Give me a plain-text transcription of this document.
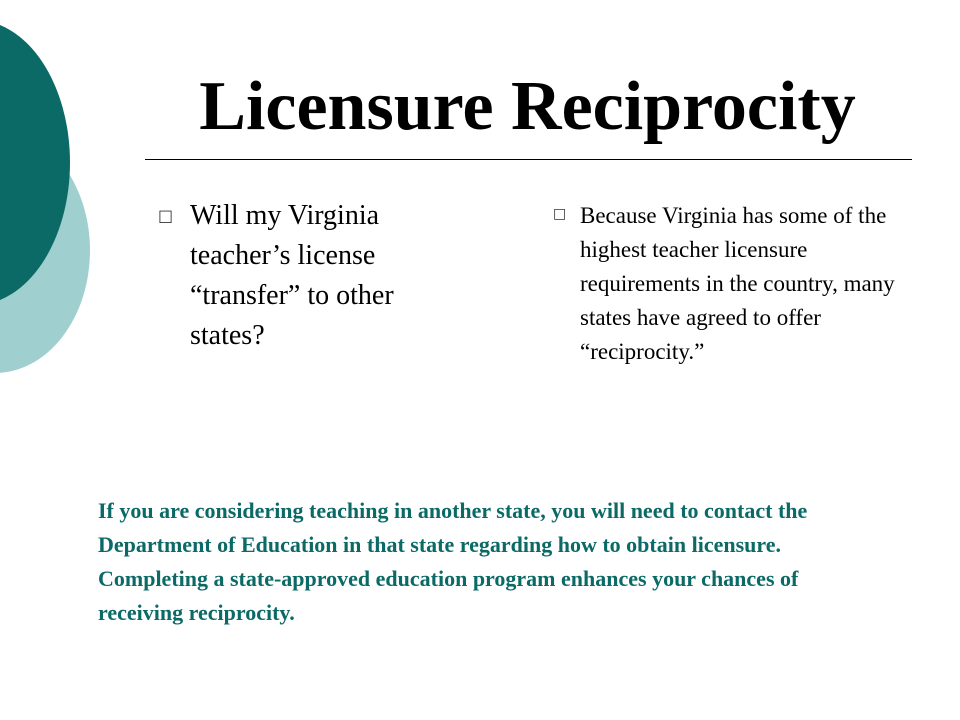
Licensure Reciprocity
□ Will my Virginia teacher’s license “transfer” to other states?
□ Because Virginia has some of the highest teacher licensure requirements in the country, many states have agreed to offer “reciprocity.”

If you are considering teaching in another state, you will need to contact the Department of Education in that state regarding how to obtain licensure. Completing a state-approved education program enhances your chances of receiving reciprocity.
